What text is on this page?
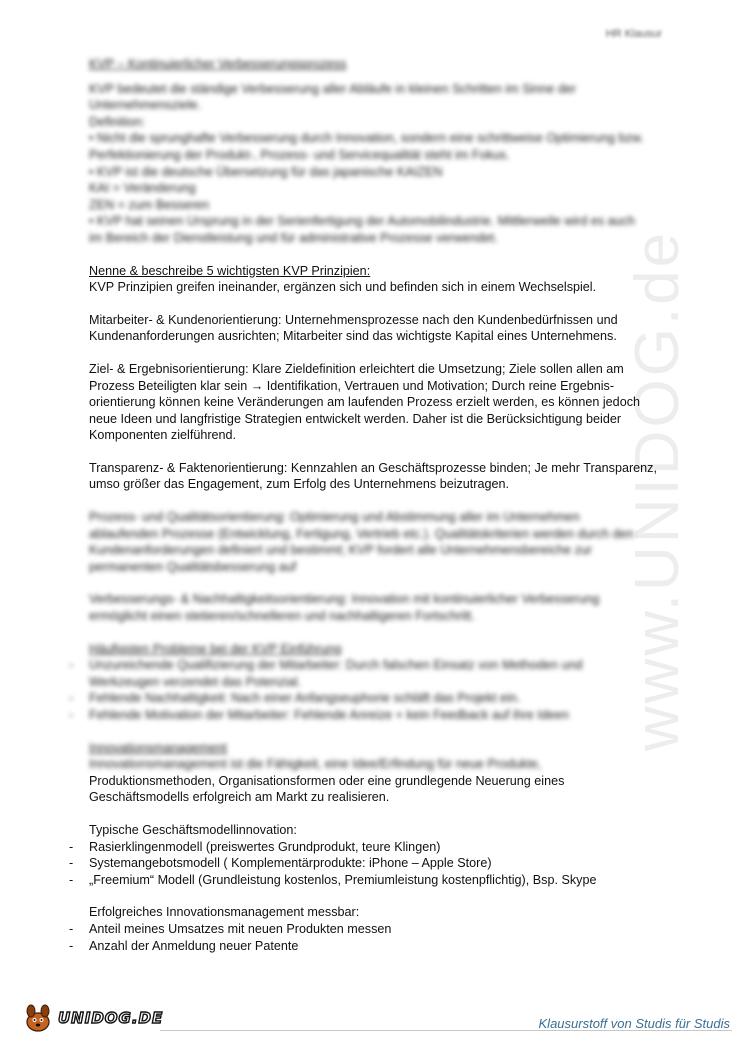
HR Klausur
www.UNIDOG.de

KVP – Kontinuierlicher Verbesserungsprozess

KVP bedeutet die ständige Verbesserung aller Abläufe in kleinen Schritten im Sinne der

Unternehmensziele.

Definition:

• Nicht die sprunghafte Verbesserung durch Innovation, sondern eine schrittweise Optimierung bzw.

Perfektionierung der Produkt-, Prozess- und Servicequalität steht im Fokus.

• KVP ist die deutsche Übersetzung für das japanische KAIZEN

KAI = Veränderung

ZEN = zum Besseren

• KVP hat seinen Ursprung in der Serienfertigung der Automobilindustrie. Mittlerweile wird es auch

im Bereich der Dienstleistung und für administrative Prozesse verwendet.

Nenne & beschreibe 5 wichtigsten KVP Prinzipien:

KVP Prinzipien greifen ineinander, ergänzen sich und befinden sich in einem Wechselspiel.

Mitarbeiter- & Kundenorientierung: Unternehmensprozesse nach den Kundenbedürfnissen und

Kundenanforderungen ausrichten; Mitarbeiter sind das wichtigste Kapital eines Unternehmens.

Ziel- & Ergebnisorientierung: Klare Zieldefinition erleichtert die Umsetzung; Ziele sollen allen am

Prozess Beteiligten klar sein → Identifikation, Vertrauen und Motivation; Durch reine Ergebnis-

orientierung können keine Veränderungen am laufenden Prozess erzielt werden, es können jedoch

neue Ideen und langfristige Strategien entwickelt werden. Daher ist die Berücksichtigung beider

Komponenten zielführend.

Transparenz- & Faktenorientierung: Kennzahlen an Geschäftsprozesse binden; Je mehr Transparenz,

umso größer das Engagement, zum Erfolg des Unternehmens beizutragen.

Prozess- und Qualitätsorientierung: Optimierung und Abstimmung aller im Unternehmen

ablaufenden Prozesse (Entwicklung, Fertigung, Vertrieb etc.). Qualitätskriterien werden durch den

Kundenanforderungen definiert und bestimmt; KVP fordert alle Unternehmensbereiche zur

permanenten Qualitätsbesserung auf

Verbesserungs- & Nachhaltigkeitsorientierung: Innovation mit kontinuierlicher Verbesserung

ermöglicht einen stetieren/schnelleren und nachhaltigeren Fortschritt.

Häufigsten Probleme bei der KVP Einführung

- Unzureichende Qualifizierung der Mitarbeiter: Durch falschen Einsatz von Methoden und

Werkzeugen verzendet das Potenzial.

- Fehlende Nachhaltigkeit: Nach einer Anfangseuphorie schläft das Projekt ein.

- Fehlende Motivation der Mitarbeiter: Fehlende Anreize + kein Feedback auf ihre Ideen

Innovationsmanagement

Innovationsmanagement ist die Fähigkeit, eine Idee/Erfindung für neue Produkte,

Produktionsmethoden, Organisationsformen oder eine grundlegende Neuerung eines

Geschäftsmodells erfolgreich am Markt zu realisieren.

Typische Geschäftsmodellinnovation:

- Rasierklingenmodell (preiswertes Grundprodukt, teure Klingen)

- Systemangebotsmodell ( Komplementärprodukte: iPhone – Apple Store)

- „Freemium“ Modell (Grundleistung kostenlos, Premiumleistung kostenpflichtig), Bsp. Skype

Erfolgreiches Innovationsmanagement messbar:

- Anteil meines Umsatzes mit neuen Produkten messen

- Anzahl der Anmeldung neuer Patente

UNIDOG.DE	Klausurstoff von Studis für Studis
